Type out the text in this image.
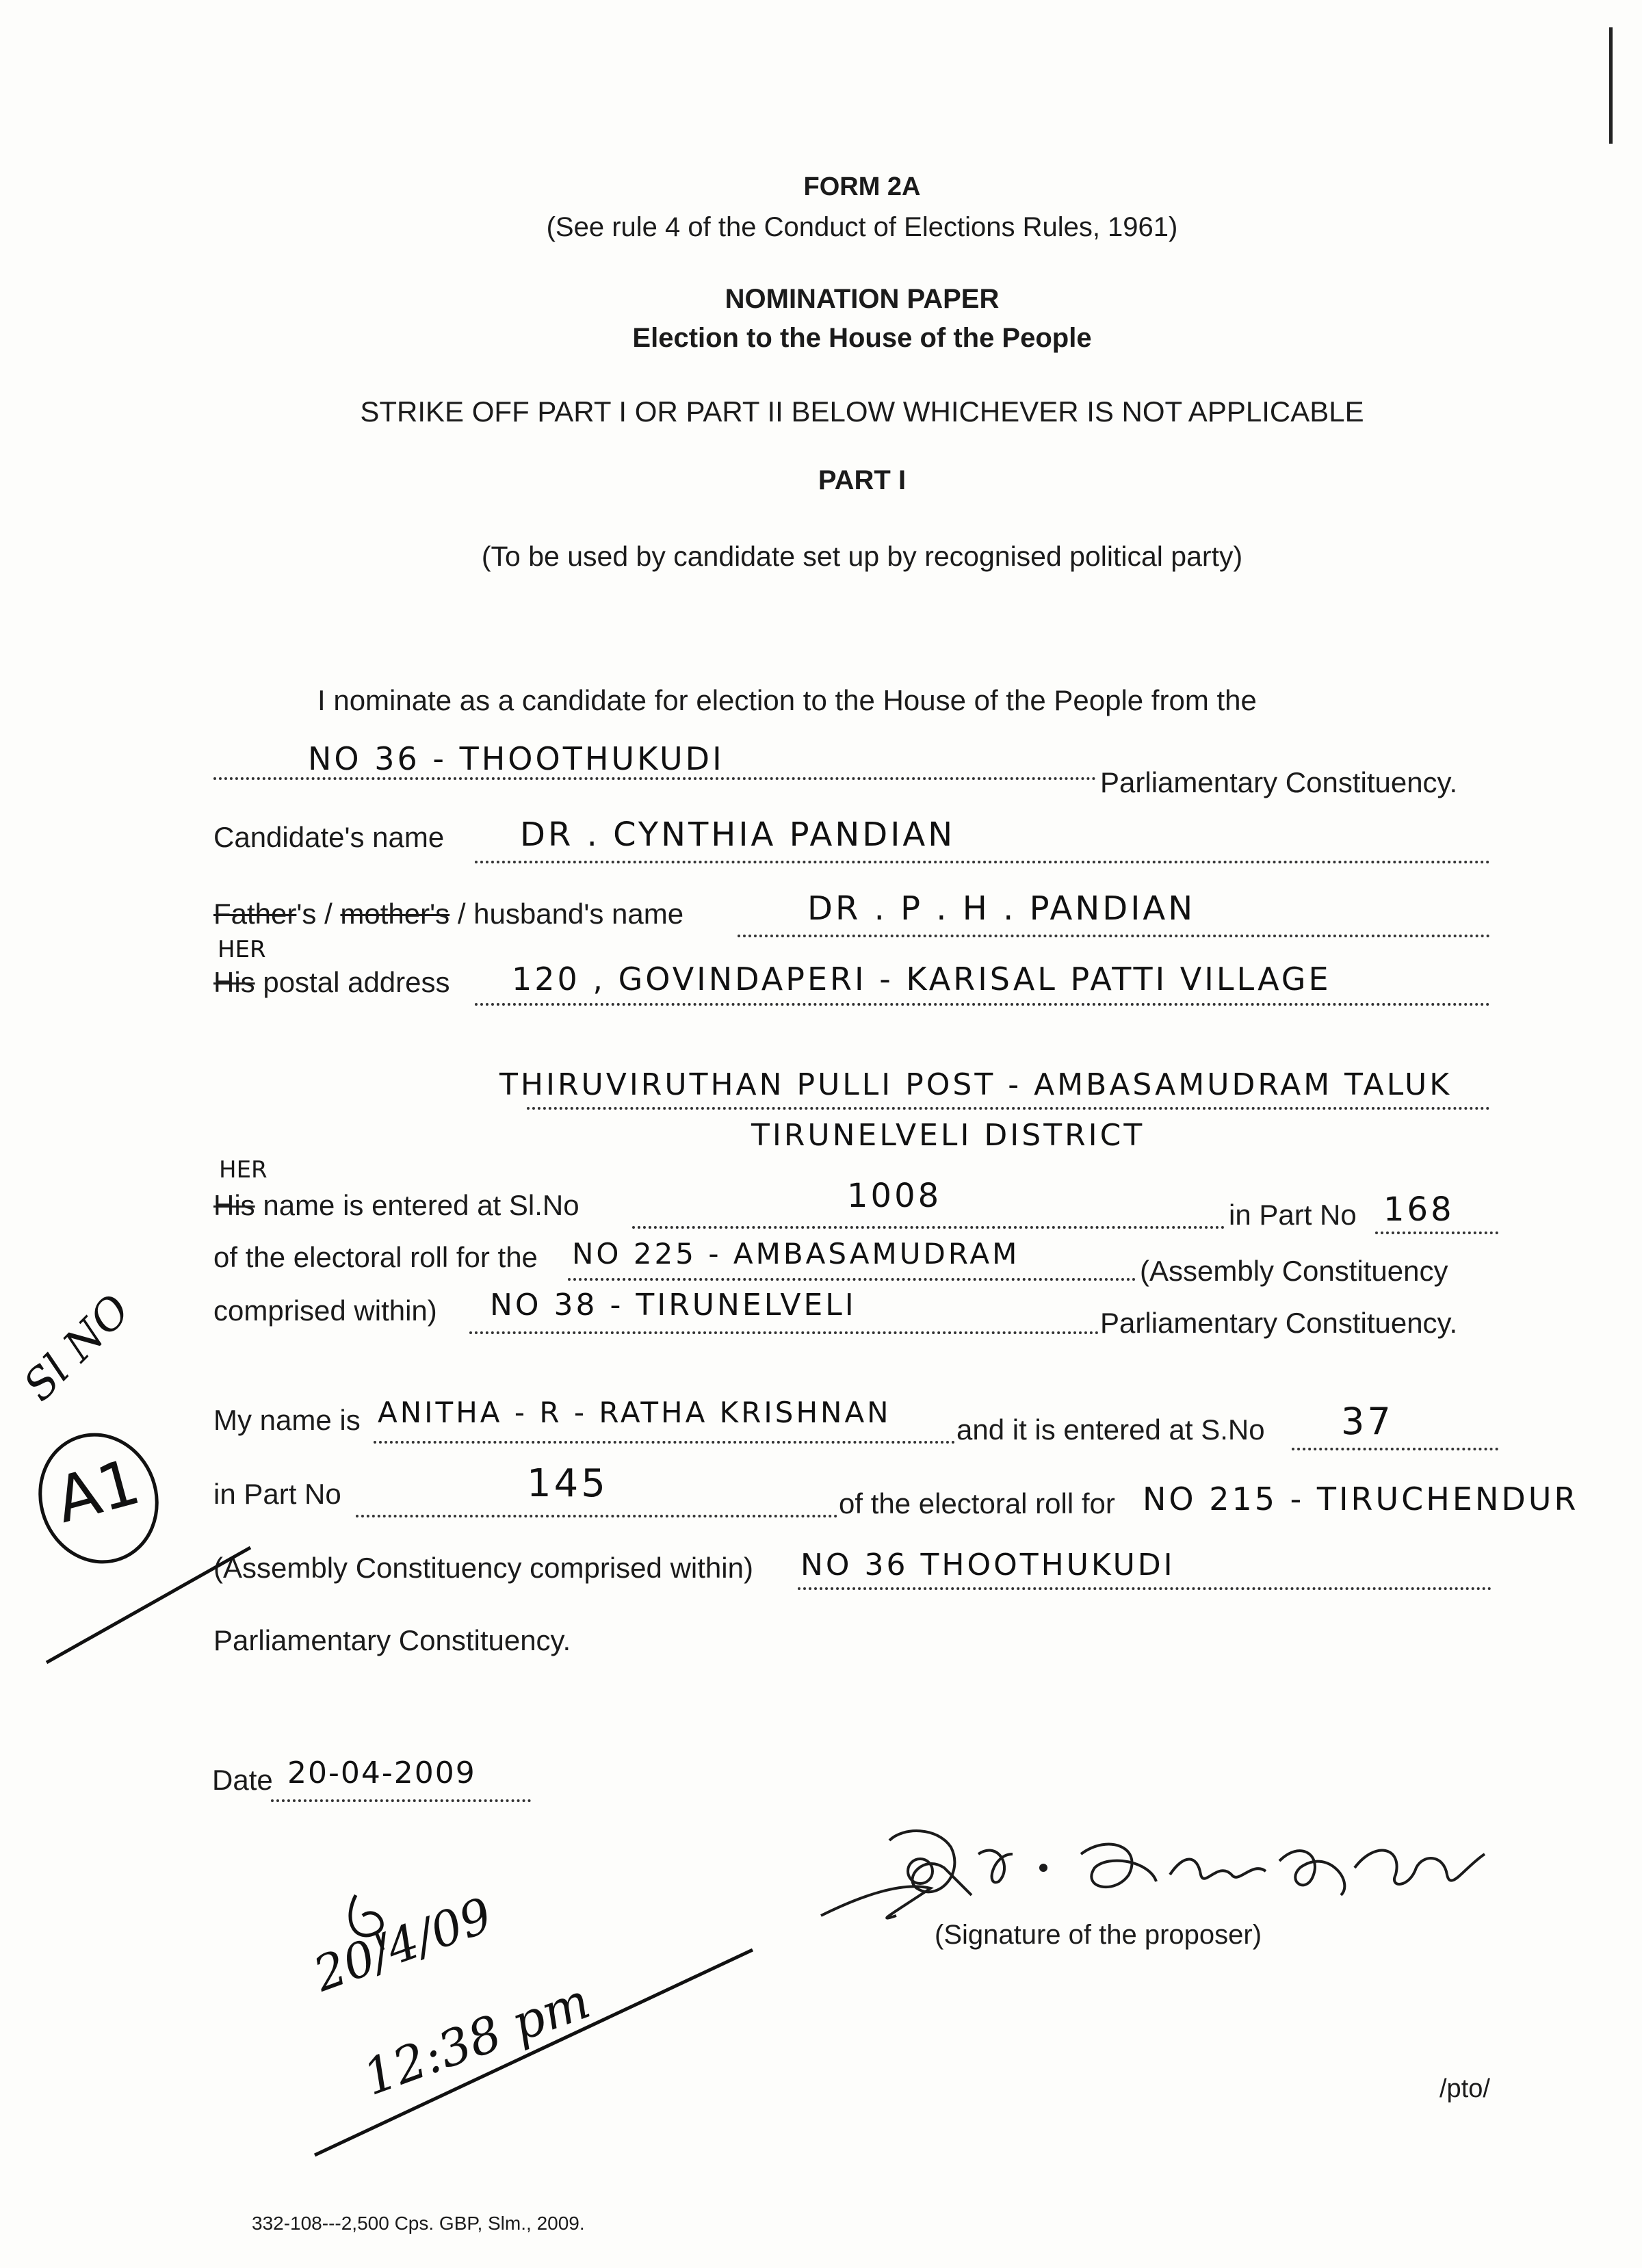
FORM 2A
(See rule 4 of the Conduct of Elections Rules, 1961)
NOMINATION PAPER
Election to the House of the People
STRIKE OFF PART I OR PART II BELOW WHICHEVER IS NOT APPLICABLE
PART I
(To be used by candidate set up by recognised political party)
I nominate as a candidate for election to the House of the People from the
NO 36 - THOOTHUKUDI
Parliamentary Constituency.
Candidate's name DR . CYNTHIA PANDIAN
Father's / mother's / husband's name	DR . P . H . PANDIAN
HER
His postal address 120 , GOVINDAPERI - KARISAL PATTI VILLAGE
THIRUVIRUTHAN PULLI POST - AMBASAMUDRAM TALUK
TIRUNELVELI DISTRICT
HER
His name is entered at Sl.No	1008	in Part No 168
of the electoral roll for the NO 225 - AMBASAMUDRAM
(Assembly Constituency
comprised within) NO 38 - TIRUNELVELI
Parliamentary Constituency.
My name is ANITHA - R - RATHA KRISHNAN
and it is entered at S.No 37
in Part No	145	of the electoral roll for NO 215 - TIRUCHENDUR
(Assembly Constituency comprised within) NO 36 THOOTHUKUDI
Parliamentary Constituency.
Date 20-04-2009
(Signature of the proposer)
Sl NO
A1
20/4/09
12:38 pm	/pto/
332-108---2,500 Cps. GBP, Slm., 2009.
